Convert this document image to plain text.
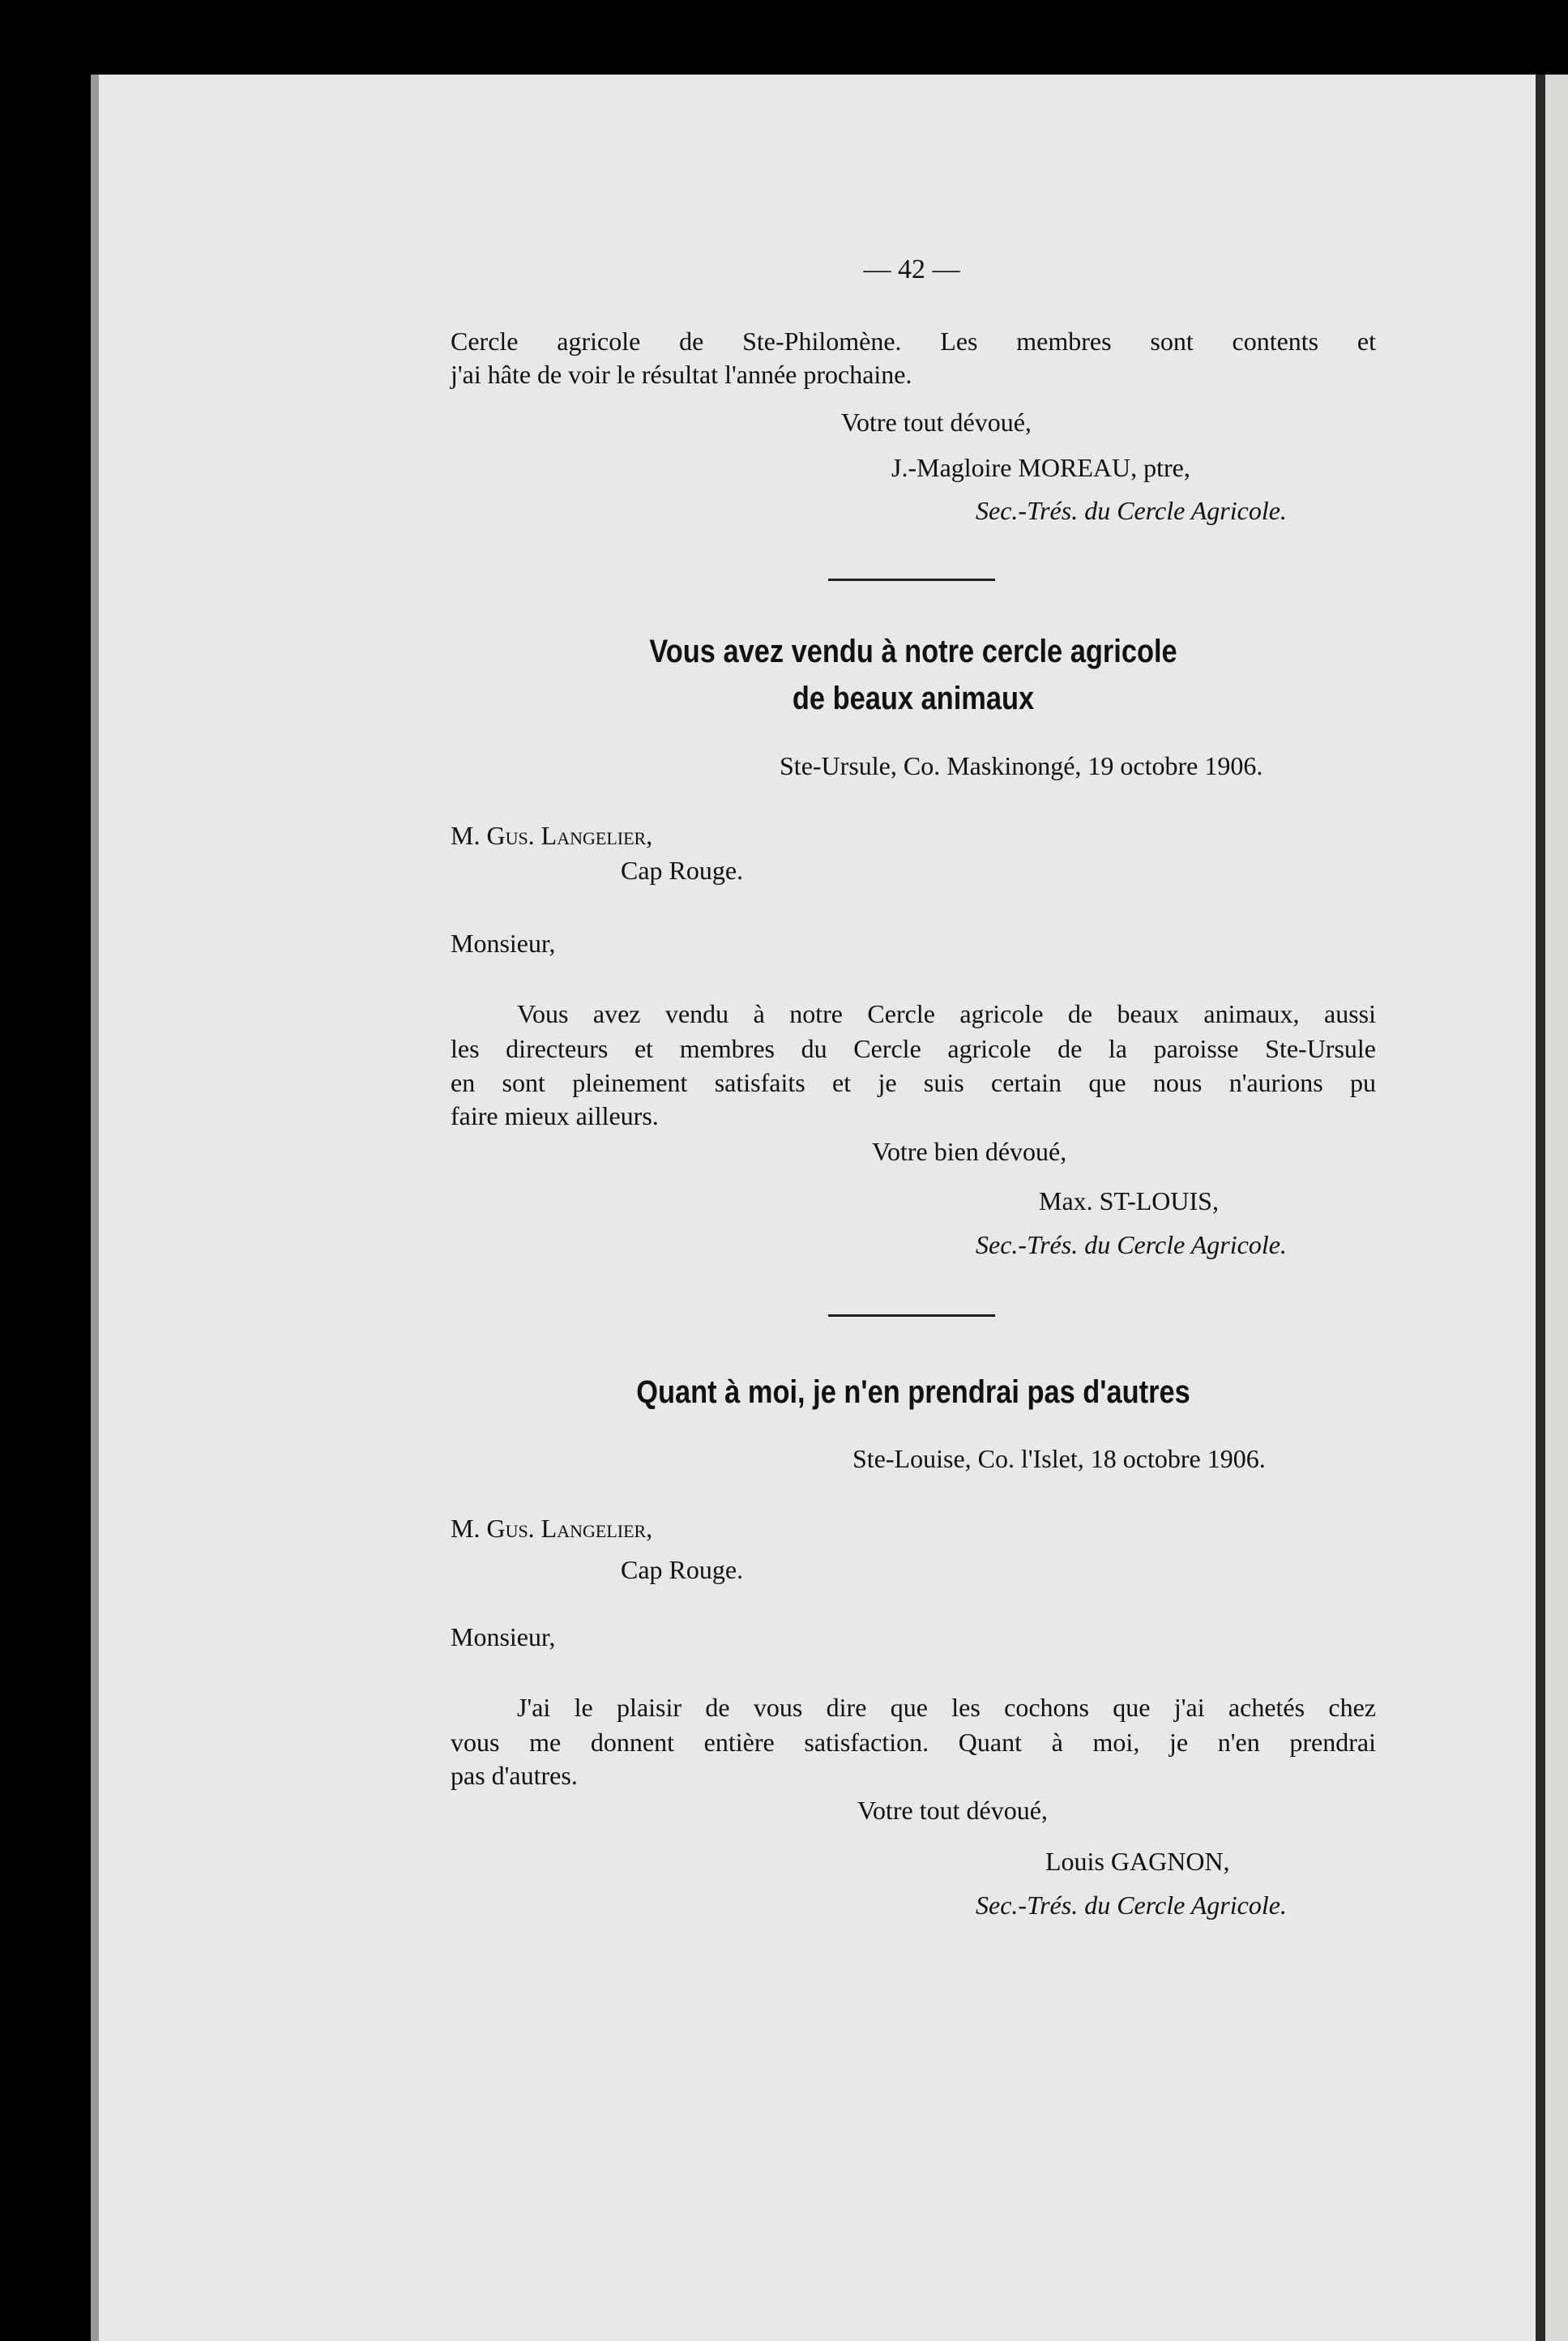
— 42 —
Cercle agricole de Ste-Philomène. Les membres sont contents et
j'ai hâte de voir le résultat l'année prochaine.
Votre tout dévoué,
J.-Magloire MOREAU, ptre,
Sec.-Trés. du Cercle Agricole.
Vous avez vendu à notre cercle agricole
de beaux animaux
Ste-Ursule, Co. Maskinongé, 19 octobre 1906.
M. Gus. Langelier,
Cap Rouge.
Monsieur,
Vous avez vendu à notre Cercle agricole de beaux animaux, aussi
les directeurs et membres du Cercle agricole de la paroisse Ste-Ursule
en sont pleinement satisfaits et je suis certain que nous n'aurions pu
faire mieux ailleurs.
Votre bien dévoué,
Max. ST-LOUIS,
Sec.-Trés. du Cercle Agricole.
Quant à moi, je n'en prendrai pas d'autres
Ste-Louise, Co. l'Islet, 18 octobre 1906.
M. Gus. Langelier,
Cap Rouge.
Monsieur,
J'ai le plaisir de vous dire que les cochons que j'ai achetés chez
vous me donnent entière satisfaction. Quant à moi, je n'en prendrai
pas d'autres.
Votre tout dévoué,
Louis GAGNON,
Sec.-Trés. du Cercle Agricole.
